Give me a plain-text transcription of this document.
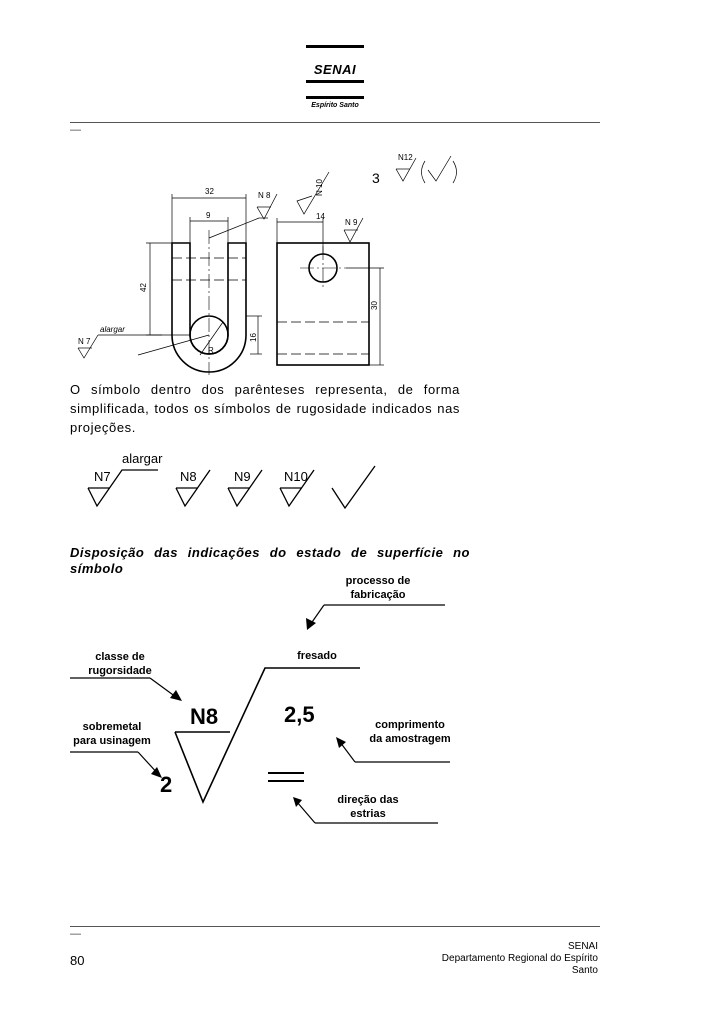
SENAI
Espírito Santo
—
32
9	14
42
16
30
R
N 8	N 10
N 9
N 7
alargar
N12
3
O símbolo dentro dos parênteses representa, de forma simplificada, todos os símbolos de rugosidade indicados nas projeções.
alargar
N7	N8	N9	N10
Disposição das indicações do estado de superfície no símbolo
processo de
fabricação
fresado
classe de
rugorsidade
N8	2,5
sobremetal
para usinagem
comprimento
da amostragem
2
direção das
estrias
—
80
SENAI
Departamento Regional do Espírito
Santo
